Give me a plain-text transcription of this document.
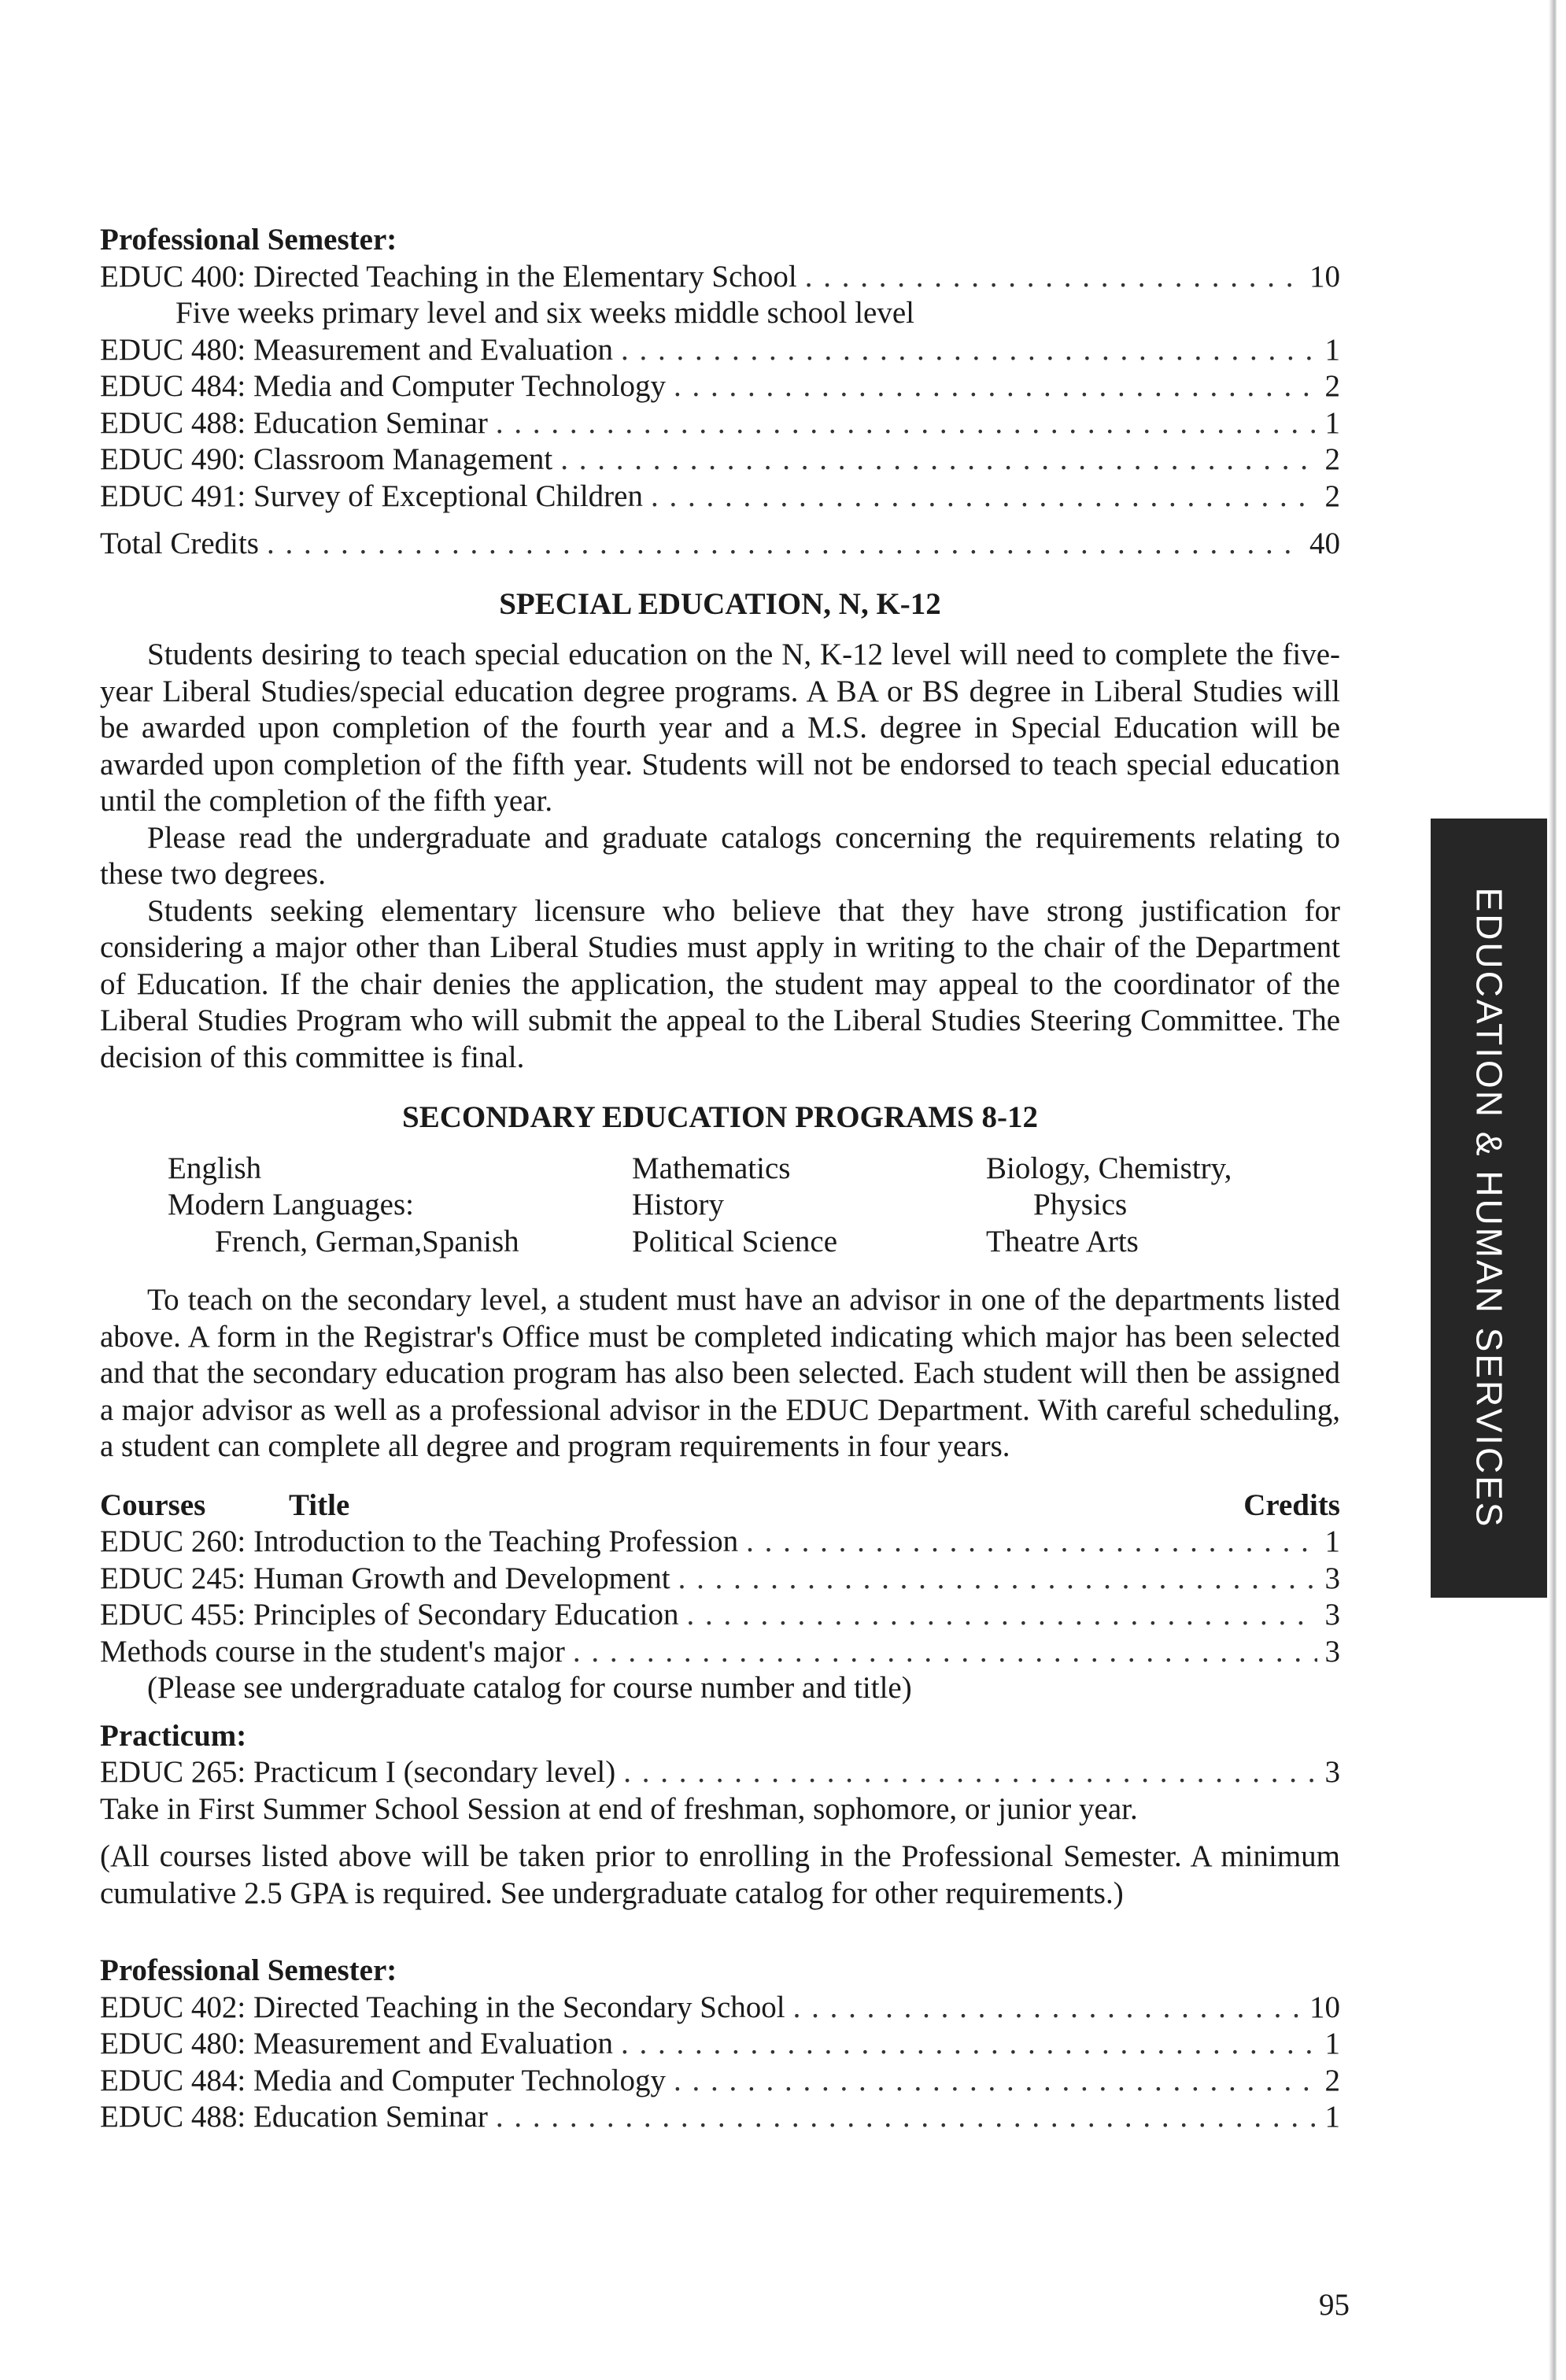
Professional Semester:
EDUC 400: Directed Teaching in the Elementary School . . .	10
Five weeks primary level and six weeks middle school level
EDUC 480: Measurement and Evaluation . . .	1
EDUC 484: Media and Computer Technology . . .	2
EDUC 488: Education Seminar . . .	1
EDUC 490: Classroom Management . . .	2
EDUC 491: Survey of Exceptional Children . . .	2
Total Credits . . .	40
SPECIAL EDUCATION, N, K-12

Students desiring to teach special education on the N, K-12 level will need to complete the five-year Liberal Studies/special education degree programs. A BA or BS degree in Liberal Studies will be awarded upon completion of the fourth year and a M.S. degree in Special Education will be awarded upon completion of the fifth year. Students will not be endorsed to teach special education until the completion of the fifth year.

Please read the undergraduate and graduate catalogs concerning the requirements relating to these two degrees.

Students seeking elementary licensure who believe that they have strong justification for considering a major other than Liberal Studies must apply in writing to the chair of the Department of Education. If the chair denies the application, the student may appeal to the coordinator of the Liberal Studies Program who will submit the appeal to the Liberal Studies Steering Committee. The decision of this committee is final.

SECONDARY EDUCATION PROGRAMS 8-12
English	Mathematics	Biology, Chemistry,
Modern Languages:	History	Physics
French, German,Spanish	Political Science	Theatre Arts

To teach on the secondary level, a student must have an advisor in one of the departments listed above. A form in the Registrar's Office must be completed indicating which major has been selected and that the secondary education program has also been selected. Each student will then be assigned a major advisor as well as a professional advisor in the EDUC Department. With careful scheduling, a student can complete all degree and program requirements in four years.

Courses	Title	Credits
EDUC 260: Introduction to the Teaching Profession . . .	1
EDUC 245: Human Growth and Development . . .	3
EDUC 455: Principles of Secondary Education . . .	3
Methods course in the student's major . . .	3
(Please see undergraduate catalog for course number and title)
Practicum:
EDUC 265: Practicum I (secondary level) . . .	3
Take in First Summer School Session at end of freshman, sophomore, or junior year.

(All courses listed above will be taken prior to enrolling in the Professional Semester. A minimum cumulative 2.5 GPA is required. See undergraduate catalog for other requirements.)

Professional Semester:
EDUC 402: Directed Teaching in the Secondary School . . .	10
EDUC 480: Measurement and Evaluation . . .	1
EDUC 484: Media and Computer Technology . . .	2
EDUC 488: Education Seminar . . .	1
EDUCATION & HUMAN SERVICES
95
